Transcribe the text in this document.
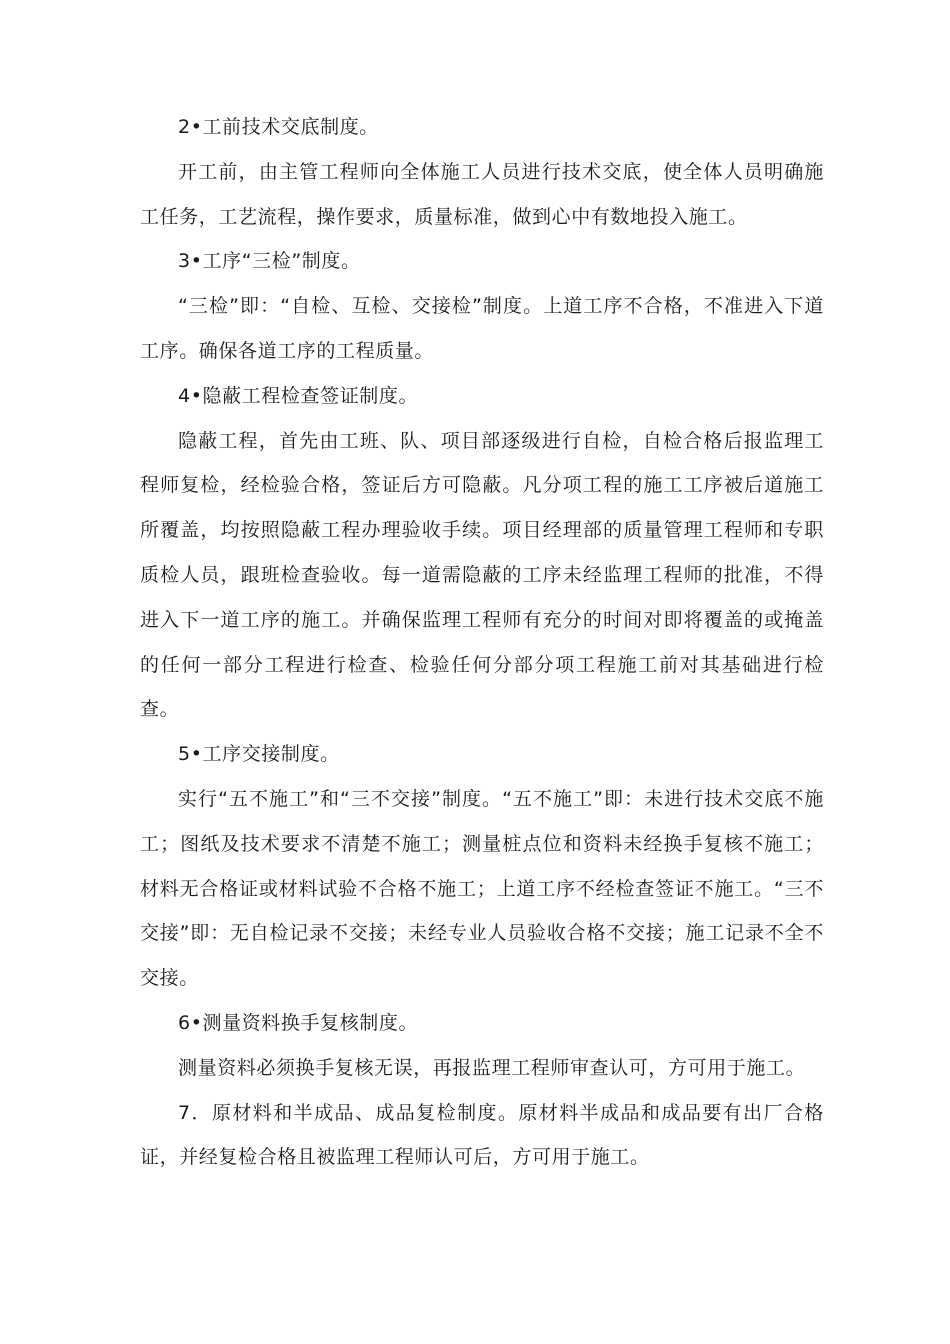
2•工前技术交底制度。

开工前，由主管工程师向全体施工人员进行技术交底，使全体人员明确施工任务，工艺流程，操作要求，质量标准，做到心中有数地投入施工。

3•工序“三检”制度。

“三检”即：“自检、互检、交接检”制度。上道工序不合格，不准进入下道工序。确保各道工序的工程质量。

4•隐蔽工程检查签证制度。

隐蔽工程，首先由工班、队、项目部逐级进行自检，自检合格后报监理工程师复检，经检验合格，签证后方可隐蔽。凡分项工程的施工工序被后道施工所覆盖，均按照隐蔽工程办理验收手续。项目经理部的质量管理工程师和专职质检人员，跟班检查验收。每一道需隐蔽的工序未经监理工程师的批准，不得进入下一道工序的施工。并确保监理工程师有充分的时间对即将覆盖的或掩盖的任何一部分工程进行检查、检验任何分部分项工程施工前对其基础进行检查。

5•工序交接制度。

实行“五不施工”和“三不交接”制度。“五不施工”即：未进行技术交底不施工；图纸及技术要求不清楚不施工；测量桩点位和资料未经换手复核不施工；材料无合格证或材料试验不合格不施工；上道工序不经检查签证不施工。“三不交接”即：无自检记录不交接；未经专业人员验收合格不交接；施工记录不全不交接。

6•测量资料换手复核制度。

测量资料必须换手复核无误，再报监理工程师审查认可，方可用于施工。

7．原材料和半成品、成品复检制度。原材料半成品和成品要有出厂合格证，并经复检合格且被监理工程师认可后，方可用于施工。
